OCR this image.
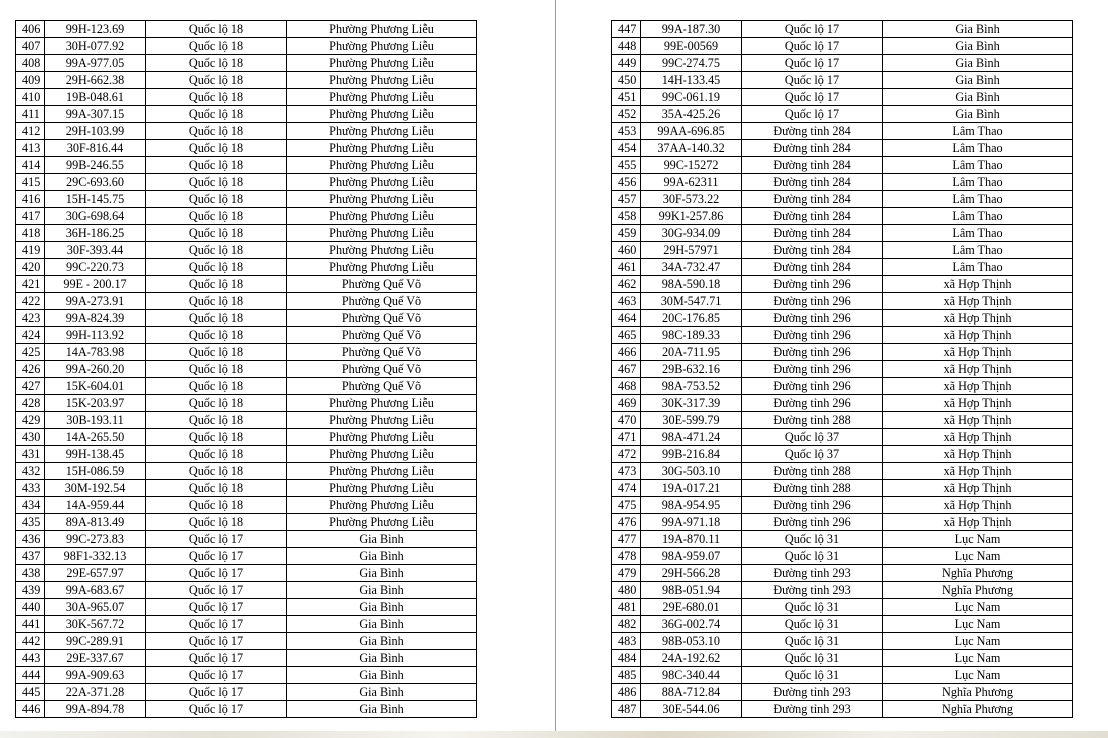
406	99H-123.69	Quốc lộ 18	Phường Phương Liễu
407	30H-077.92	Quốc lộ 18	Phường Phương Liễu
408	99A-977.05	Quốc lộ 18	Phường Phương Liễu
409	29H-662.38	Quốc lộ 18	Phường Phương Liễu
410	19B-048.61	Quốc lộ 18	Phường Phương Liễu
411	99A-307.15	Quốc lộ 18	Phường Phương Liễu
412	29H-103.99	Quốc lộ 18	Phường Phương Liễu
413	30F-816.44	Quốc lộ 18	Phường Phương Liễu
414	99B-246.55	Quốc lộ 18	Phường Phương Liễu
415	29C-693.60	Quốc lộ 18	Phường Phương Liễu
416	15H-145.75	Quốc lộ 18	Phường Phương Liễu
417	30G-698.64	Quốc lộ 18	Phường Phương Liễu
418	36H-186.25	Quốc lộ 18	Phường Phương Liễu
419	30F-393.44	Quốc lộ 18	Phường Phương Liễu
420	99C-220.73	Quốc lộ 18	Phường Phương Liễu
421	99E - 200.17	Quốc lộ 18	Phường Quế Võ
422	99A-273.91	Quốc lộ 18	Phường Quế Võ
423	99A-824.39	Quốc lộ 18	Phường Quế Võ
424	99H-113.92	Quốc lộ 18	Phường Quế Võ
425	14A-783.98	Quốc lộ 18	Phường Quế Võ
426	99A-260.20	Quốc lộ 18	Phường Quế Võ
427	15K-604.01	Quốc lộ 18	Phường Quế Võ
428	15K-203.97	Quốc lộ 18	Phường Phương Liễu
429	30B-193.11	Quốc lộ 18	Phường Phương Liễu
430	14A-265.50	Quốc lộ 18	Phường Phương Liễu
431	99H-138.45	Quốc lộ 18	Phường Phương Liễu
432	15H-086.59	Quốc lộ 18	Phường Phương Liễu
433	30M-192.54	Quốc lộ 18	Phường Phương Liễu
434	14A-959.44	Quốc lộ 18	Phường Phương Liễu
435	89A-813.49	Quốc lộ 18	Phường Phương Liễu
436	99C-273.83	Quốc lộ 17	Gia Bình
437	98F1-332.13	Quốc lộ 17	Gia Bình
438	29E-657.97	Quốc lộ 17	Gia Bình
439	99A-683.67	Quốc lộ 17	Gia Bình
440	30A-965.07	Quốc lộ 17	Gia Bình
441	30K-567.72	Quốc lộ 17	Gia Bình
442	99C-289.91	Quốc lộ 17	Gia Bình
443	29E-337.67	Quốc lộ 17	Gia Bình
444	99A-909.63	Quốc lộ 17	Gia Bình
445	22A-371.28	Quốc lộ 17	Gia Bình
446	99A-894.78	Quốc lộ 17	Gia Bình
447	99A-187.30	Quốc lộ 17	Gia Bình
448	99E-00569	Quốc lộ 17	Gia Bình
449	99C-274.75	Quốc lộ 17	Gia Bình
450	14H-133.45	Quốc lộ 17	Gia Bình
451	99C-061.19	Quốc lộ 17	Gia Bình
452	35A-425.26	Quốc lộ 17	Gia Bình
453	99AA-696.85	Đường tỉnh 284	Lâm Thao
454	37AA-140.32	Đường tỉnh 284	Lâm Thao
455	99C-15272	Đường tỉnh 284	Lâm Thao
456	99A-62311	Đường tỉnh 284	Lâm Thao
457	30F-573.22	Đường tỉnh 284	Lâm Thao
458	99K1-257.86	Đường tỉnh 284	Lâm Thao
459	30G-934.09	Đường tỉnh 284	Lâm Thao
460	29H-57971	Đường tỉnh 284	Lâm Thao
461	34A-732.47	Đường tỉnh 284	Lâm Thao
462	98A-590.18	Đường tỉnh 296	xã Hợp Thịnh
463	30M-547.71	Đường tỉnh 296	xã Hợp Thịnh
464	20C-176.85	Đường tỉnh 296	xã Hợp Thịnh
465	98C-189.33	Đường tỉnh 296	xã Hợp Thịnh
466	20A-711.95	Đường tỉnh 296	xã Hợp Thịnh
467	29B-632.16	Đường tỉnh 296	xã Hợp Thịnh
468	98A-753.52	Đường tỉnh 296	xã Hợp Thịnh
469	30K-317.39	Đường tỉnh 296	xã Hợp Thịnh
470	30E-599.79	Đường tỉnh 288	xã Hợp Thịnh
471	98A-471.24	Quốc lộ 37	xã Hợp Thịnh
472	99B-216.84	Quốc lộ 37	xã Hợp Thịnh
473	30G-503.10	Đường tỉnh 288	xã Hợp Thịnh
474	19A-017.21	Đường tỉnh 288	xã Hợp Thịnh
475	98A-954.95	Đường tỉnh 296	xã Hợp Thịnh
476	99A-971.18	Đường tỉnh 296	xã Hợp Thịnh
477	19A-870.11	Quốc lộ 31	Lục Nam
478	98A-959.07	Quốc lộ 31	Lục Nam
479	29H-566.28	Đường tỉnh 293	Nghĩa Phương
480	98B-051.94	Đường tỉnh 293	Nghĩa Phương
481	29E-680.01	Quốc lộ 31	Lục Nam
482	36G-002.74	Quốc lộ 31	Lục Nam
483	98B-053.10	Quốc lộ 31	Lục Nam
484	24A-192.62	Quốc lộ 31	Lục Nam
485	98C-340.44	Quốc lộ 31	Lục Nam
486	88A-712.84	Đường tỉnh 293	Nghĩa Phương
487	30E-544.06	Đường tỉnh 293	Nghĩa Phương
